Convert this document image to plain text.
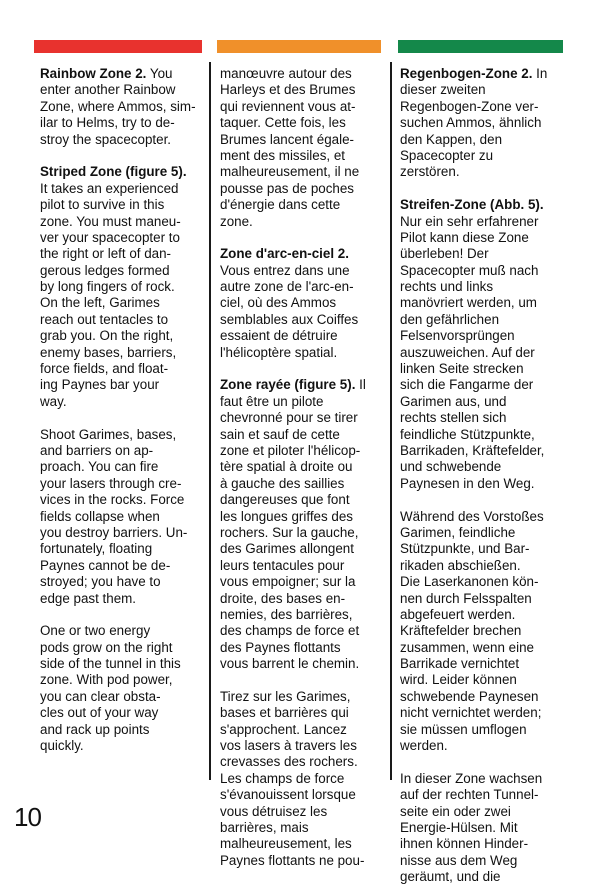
Rainbow Zone 2. You
enter another Rainbow
Zone, where Ammos, sim-
ilar to Helms, try to de-
stroy the spacecopter.
Striped Zone (figure 5).
It takes an experienced
pilot to survive in this
zone. You must maneu-
ver your spacecopter to
the right or left of dan-
gerous ledges formed
by long fingers of rock.
On the left, Garimes
reach out tentacles to
grab you. On the right,
enemy bases, barriers,
force fields, and float-
ing Paynes bar your
way.
Shoot Garimes, bases,
and barriers on ap-
proach. You can fire
your lasers through cre-
vices in the rocks. Force
fields collapse when
you destroy barriers. Un-
fortunately, floating
Paynes cannot be de-
stroyed; you have to
edge past them.
One or two energy
pods grow on the right
side of the tunnel in this
zone. With pod power,
you can clear obsta-
cles out of your way
and rack up points
quickly.
manœuvre autour des
Harleys et des Brumes
qui reviennent vous at-
taquer. Cette fois, les
Brumes lancent égale-
ment des missiles, et
malheureusement, il ne
pousse pas de poches
d'énergie dans cette
zone.
Zone d'arc-en-ciel 2.
Vous entrez dans une
autre zone de l'arc-en-
ciel, où des Ammos
semblables aux Coiffes
essaient de détruire
l'hélicoptère spatial.
Zone rayée (figure 5). Il
faut être un pilote
chevronné pour se tirer
sain et sauf de cette
zone et piloter l'hélicop-
tère spatial à droite ou
à gauche des saillies
dangereuses que font
les longues griffes des
rochers. Sur la gauche,
des Garimes allongent
leurs tentacules pour
vous empoigner; sur la
droite, des bases en-
nemies, des barrières,
des champs de force et
des Paynes flottants
vous barrent le chemin.
Tirez sur les Garimes,
bases et barrières qui
s'approchent. Lancez
vos lasers à travers les
crevasses des rochers.
Les champs de force
s'évanouissent lorsque
vous détruisez les
barrières, mais
malheureusement, les
Paynes flottants ne pou-
Regenbogen-Zone 2. In
dieser zweiten
Regenbogen-Zone ver-
suchen Ammos, ähnlich
den Kappen, den
Spacecopter zu
zerstören.
Streifen-Zone (Abb. 5).
Nur ein sehr erfahrener
Pilot kann diese Zone
überleben! Der
Spacecopter muß nach
rechts und links
manövriert werden, um
den gefährlichen
Felsenvorsprüngen
auszuweichen. Auf der
linken Seite strecken
sich die Fangarme der
Garimen aus, und
rechts stellen sich
feindliche Stützpunkte,
Barrikaden, Kräftefelder,
und schwebende
Paynesen in den Weg.
Während des Vorstoßes
Garimen, feindliche
Stützpunkte, und Bar-
rikaden abschießen.
Die Laserkanonen kön-
nen durch Felsspalten
abgefeuert werden.
Kräftefelder brechen
zusammen, wenn eine
Barrikade vernichtet
wird. Leider können
schwebende Paynesen
nicht vernichtet werden;
sie müssen umflogen
werden.
In dieser Zone wachsen
auf der rechten Tunnel-
seite ein oder zwei
Energie-Hülsen. Mit
ihnen können Hinder-
nisse aus dem Weg
geräumt, und die
10
